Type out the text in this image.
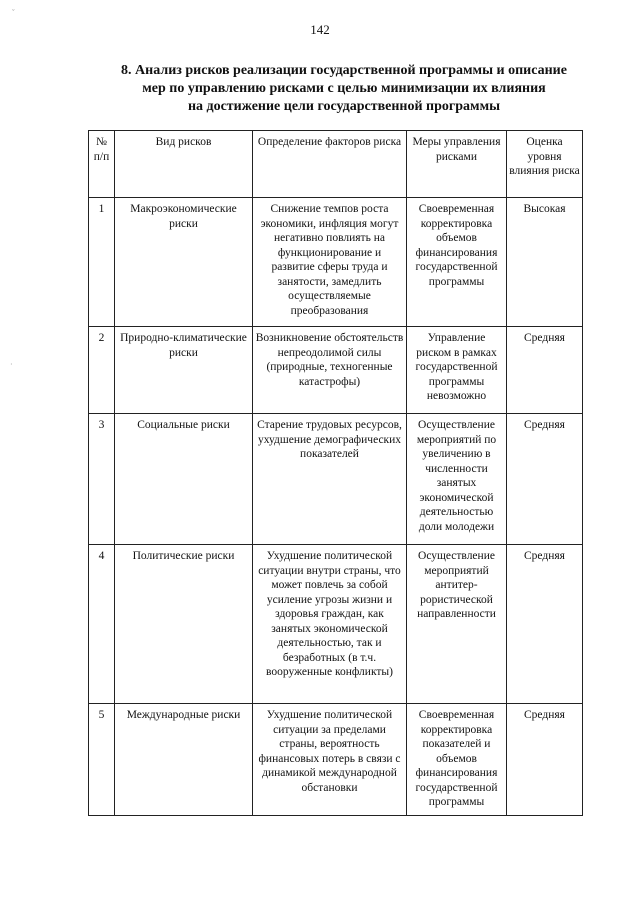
142
8. Анализ рисков реализации государственной программы и описание
мер по управлению рисками с целью минимизации их влияния
на достижение цели государственной программы
№ п/п	Вид рисков	Определение факторов риска	Меры управления рисками	Оценка уровня влияния риска
1	Макроэкономические риски	Снижение темпов роста экономики, инфляция могут негативно повлиять на функционирование и развитие сферы труда и занятости, замедлить осуществляемые преобразования	Своевременная корректировка объемов финансирования государственной программы	Высокая
2	Природно-климатические риски	Возникновение обстоятельств непреодолимой силы (природные, техногенные катастрофы)	Управление риском в рамках государственной программы невозможно	Средняя
3	Социальные риски	Старение трудовых ресурсов, ухудшение демографических показателей	Осуществление мероприятий по увеличению в численности занятых экономической деятельностью доли молодежи	Средняя
4	Политические риски	Ухудшение политической ситуации внутри страны, что может повлечь за собой усиление угрозы жизни и здоровья граждан, как занятых экономической деятельностью, так и безработных (в т.ч. вооруженные конфликты)	Осуществление мероприятий антитер-рористической направленности	Средняя
5	Международные риски	Ухудшение политической ситуации за пределами страны, вероятность финансовых потерь в связи с динамикой международной обстановки	Своевременная корректировка показателей и объемов финансирования государственной программы	Средняя
ˇ
·
